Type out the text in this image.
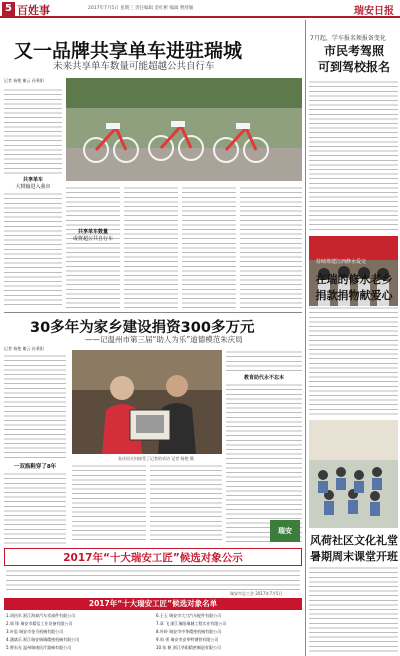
5 百姓事	2017年7月5日 星期三 责任编辑 金红彬 编辑 曹舒颖	瑞安日报
又一品牌共享单车进驻瑞城
未来共享单车数量可能超越公共自行车
记者 杨艳 谢云 孙秉阳
共享单车
大棋输进入我市
共享单车数量
或将超公共自行车
7月起，学车报名须报备变化
市民考驾照
可到驾校报名
持续筹建江西修水爱交
在瑞的修水老乡
捐款捐物献爱心
风荷社区文化礼堂
暑期周末课堂开班
30多年为家乡建设捐资300多万元
——记温州市第三届“助人为乐”道德模范朱庆局
记者 杨艳 谢云 孙秉阳
朱庆局夫妇接受了记者的采访 记者 杨艳 摄
教育助代永不忘本
一双瓶鞋穿了8年
瑞安
2017年“十大瑞安工匠”候选对象公示
瑞安市总工会 2017年7月5日
2017年“十大瑞安工匠”候选对象名单
1.胡昌军 浙江海泰汽车零部件有限公司
2.郭 锋 瑞安市精信工业设备有限公司
3.叶思 瑞安市金马机械有限公司
4.潘斌乐 浙江瑞安瑞城精密机械有限公司
5.曾东光 温州瑞康医疗器械有限公司
6.王玉 瑞安市大刀汽车配件有限公司
7.章 飞 浙江瑞阳瑞城工程实业有限公司
8.叶岭 瑞安市中华精密机械有限公司
9.周 勇 瑞安市安华特钢铁有限公司
10.张 帆 浙江华阳精密制造有限公司
